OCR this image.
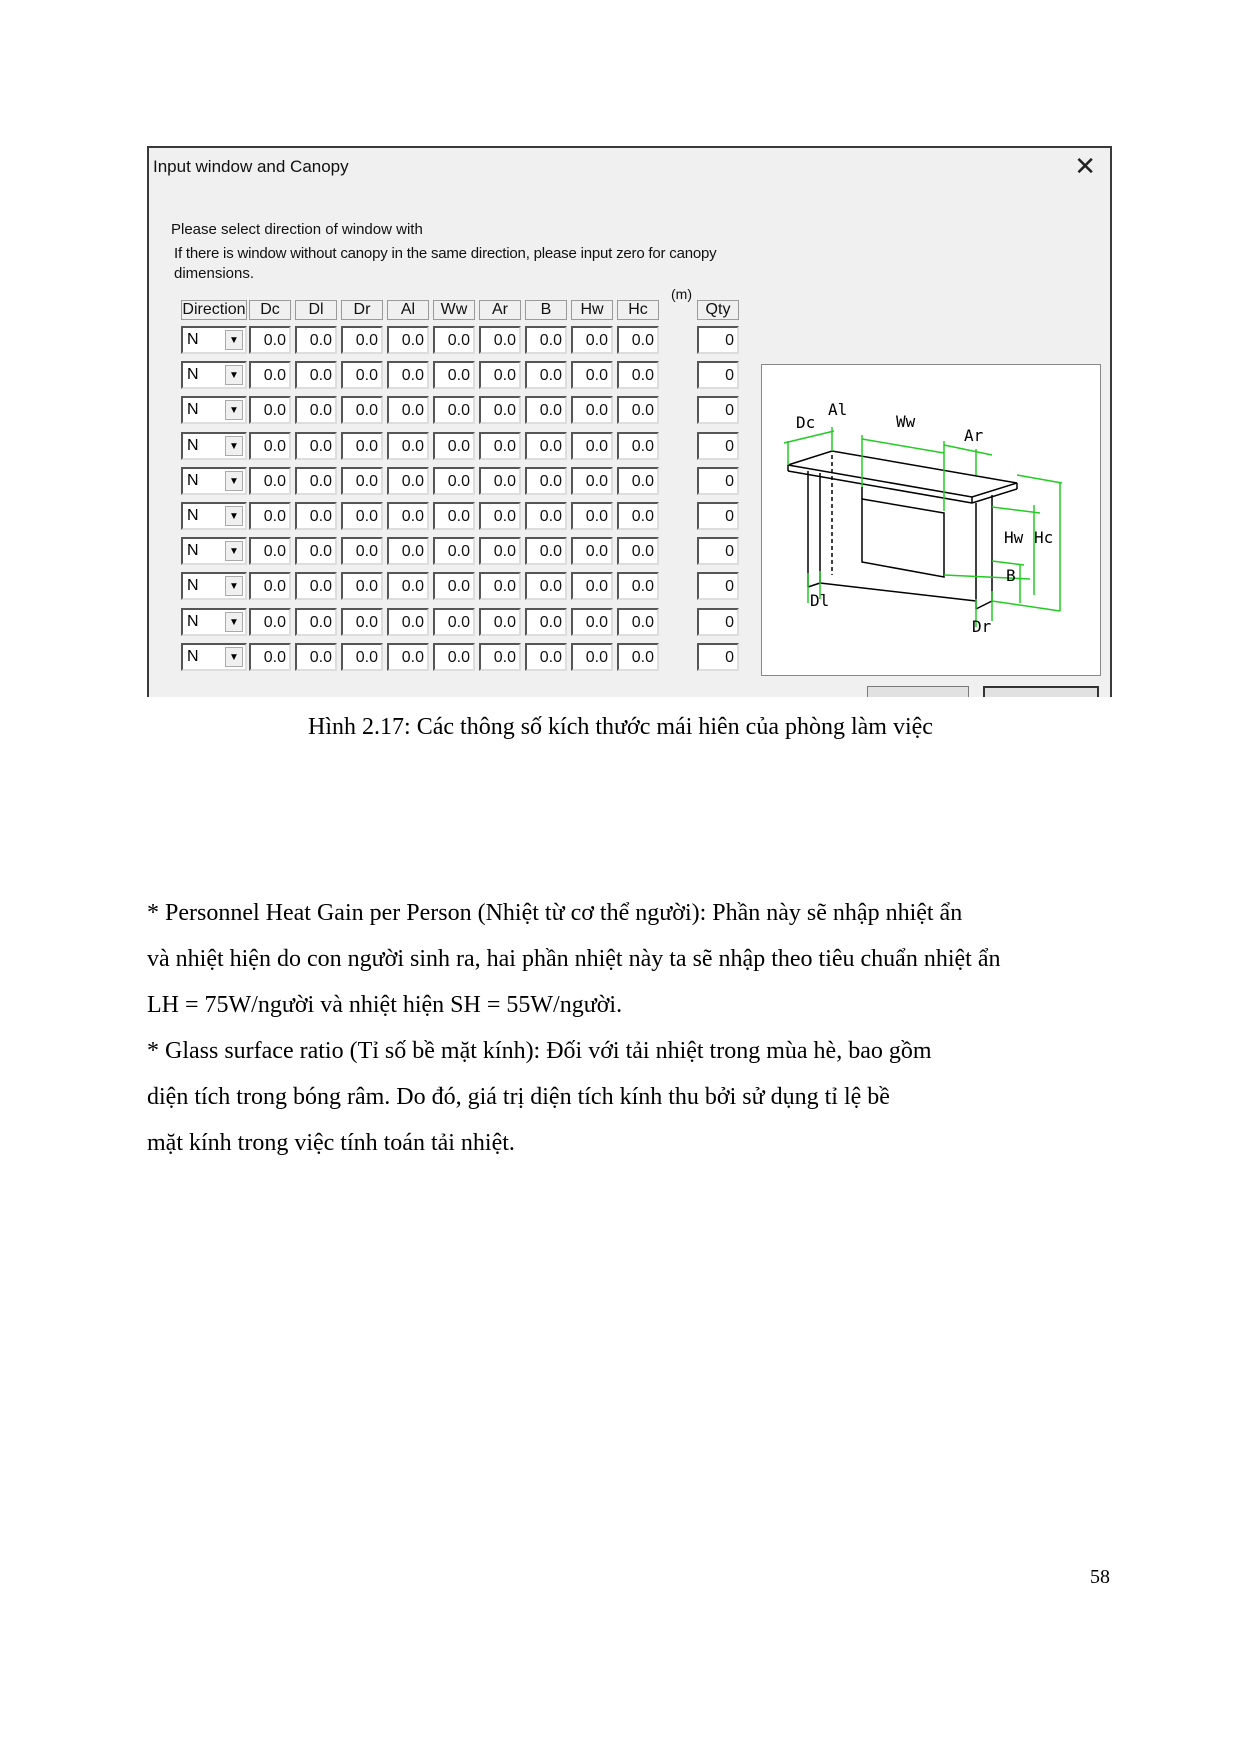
Input window and Canopy	✕
Please select direction of window with
If there is window without canopy in the same direction, please input zero for canopy
dimensions.
(m)
Direction Dc	Dl	Dr	Al	Ww	Ar	B	Hw	Hc	Qty
N	▼	0.0	0.0	0.0	0.0	0.0	0.0	0.0	0.0	0.0	0
N	▼	0.0	0.0	0.0	0.0	0.0	0.0	0.0	0.0	0.0	0
N	▼	0.0	0.0	0.0	0.0	0.0	0.0	0.0	0.0	0.0	0
N	▼	0.0	0.0	0.0	0.0	0.0	0.0	0.0	0.0	0.0	0
N	▼	0.0	0.0	0.0	0.0	0.0	0.0	0.0	0.0	0.0	0
N	▼	0.0	0.0	0.0	0.0	0.0	0.0	0.0	0.0	0.0	0
N	▼	0.0	0.0	0.0	0.0	0.0	0.0	0.0	0.0	0.0	0
N	▼	0.0	0.0	0.0	0.0	0.0	0.0	0.0	0.0	0.0	0
N	▼	0.0	0.0	0.0	0.0	0.0	0.0	0.0	0.0	0.0	0
N	▼	0.0	0.0	0.0	0.0	0.0	0.0	0.0	0.0	0.0	0
Dc
Al
Ww
Ar
Hw Hc
B
Dl
Dr
Hình 2.17: Các thông số kích thước mái hiên của phòng làm việc
* Personnel Heat Gain per Person (Nhiệt từ cơ thể người): Phần này sẽ nhập nhiệt ẩn
và nhiệt hiện do con người sinh ra, hai phần nhiệt này ta sẽ nhập theo tiêu chuẩn nhiệt ẩn
LH = 75W/người và nhiệt hiện SH = 55W/người.
* Glass surface ratio (Tỉ số bề mặt kính): Đối với tải nhiệt trong mùa hè, bao gồm
diện tích trong bóng râm. Do đó, giá trị diện tích kính thu bởi sử dụng tỉ lệ bề
mặt kính trong việc tính toán tải nhiệt.
58
